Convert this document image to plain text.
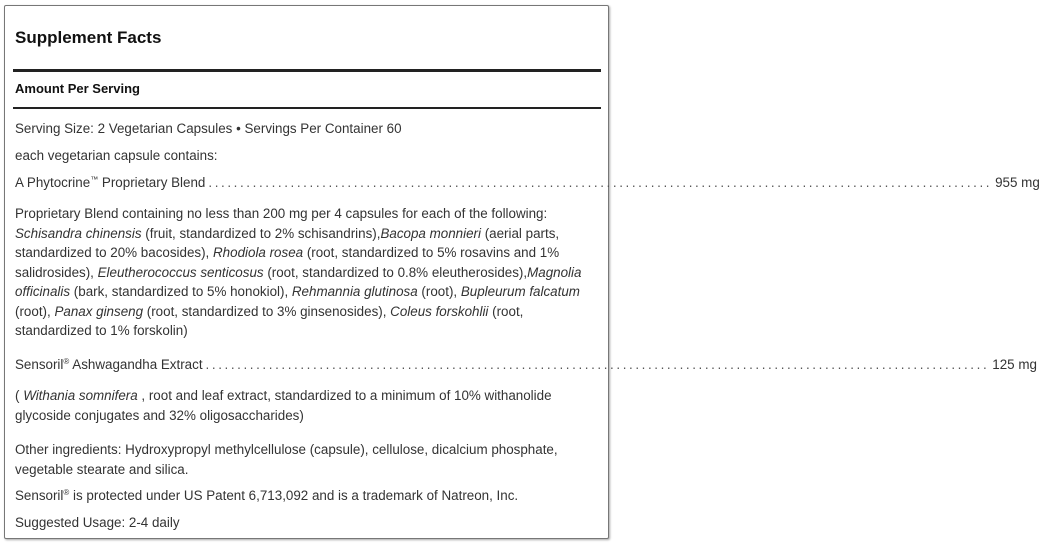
Supplement Facts
Amount Per Serving
Serving Size: 2 Vegetarian Capsules • Servings Per Container 60
each vegetarian capsule contains:
A Phytocrine™ Proprietary Blend ............................................................................................................................ 955 mg
Proprietary Blend containing no less than 200 mg per 4 capsules for each of the following:
Schisandra chinensis (fruit, standardized to 2% schisandrins),Bacopa monnieri (aerial parts, standardized to 20% bacosides), Rhodiola rosea (root, standardized to 5% rosavins and 1% salidrosides), Eleutherococcus senticosus (root, standardized to 0.8% eleutherosides),Magnolia officinalis (bark, standardized to 5% honokiol), Rehmannia glutinosa (root), Bupleurum falcatum (root), Panax ginseng (root, standardized to 3% ginsenosides), Coleus forskohlii (root, standardized to 1% forskolin)
Sensoril® Ashwagandha Extract ............................................................................................................................ 125 mg
( Withania somnifera , root and leaf extract, standardized to a minimum of 10% withanolide glycoside conjugates and 32% oligosaccharides)
Other ingredients: Hydroxypropyl methylcellulose (capsule), cellulose, dicalcium phosphate, vegetable stearate and silica.
Sensoril® is protected under US Patent 6,713,092 and is a trademark of Natreon, Inc.
Suggested Usage: 2-4 daily
